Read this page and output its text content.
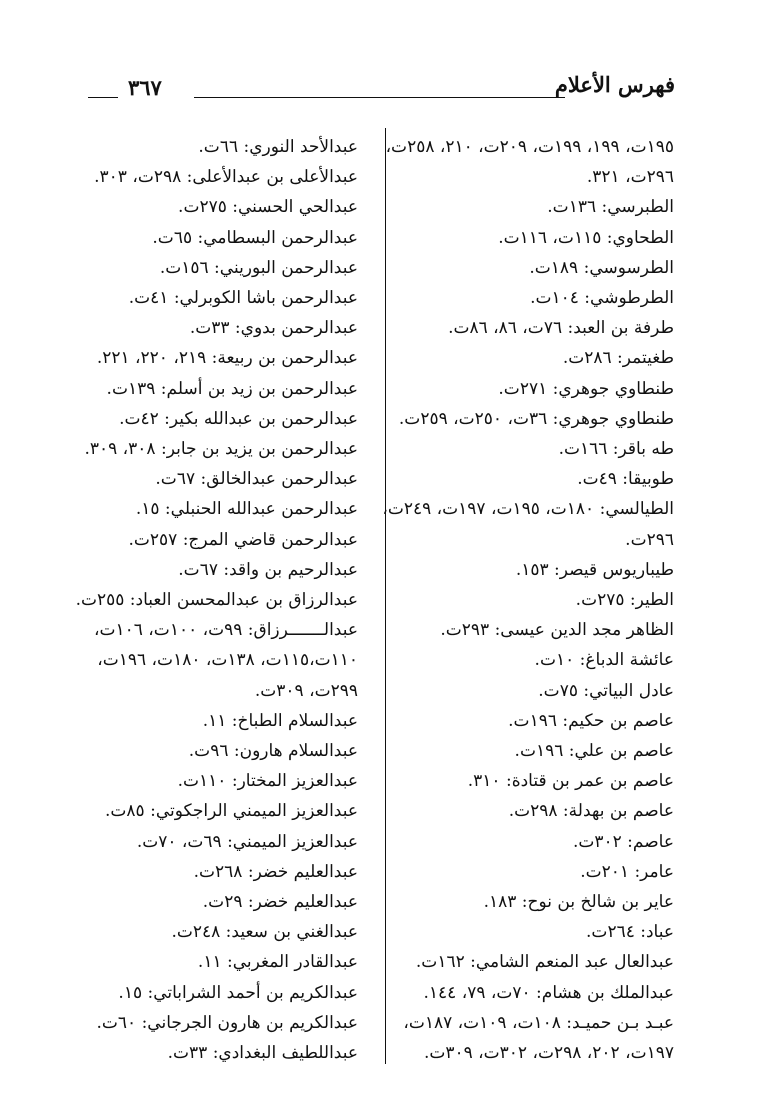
فهرس الأعلام
٣٦٧

١٩٥ت، ١٩٩، ١٩٩ت، ٢٠٩ت، ٢١٠، ٢٥٨ت، ٢٩٦ت، ٣٢١.

الطبرسي: ١٣٦ت.

الطحاوي: ١١٥ت، ١١٦ت.

الطرسوسي: ١٨٩ت.

الطرطوشي: ١٠٤ت.

طرفة بن العبد: ٧٦ت، ٨٦، ٨٦ت.

طغيتمر: ٢٨٦ت.

طنطاوي جوهري: ٢٧١ت.

طنطاوي جوهري: ٣٦ت، ٢٥٠ت، ٢٥٩ت.

طه باقر: ١٦٦ت.

طوبيقا: ٤٩ت.

الطيالسي: ١٨٠ت، ١٩٥ت، ١٩٧ت، ٢٤٩ت، ٢٩٦ت.

طيباريوس قيصر: ١٥٣.

الطير: ٢٧٥ت.

الظاهر مجد الدين عيسى: ٢٩٣ت.

عائشة الدباغ: ١٠ت.

عادل البياتي: ٧٥ت.

عاصم بن حكيم: ١٩٦ت.

عاصم بن علي: ١٩٦ت.

عاصم بن عمر بن قتادة: ٣١٠.

عاصم بن بهدلة: ٢٩٨ت.

عاصم: ٣٠٢ت.

عامر: ٢٠١ت.

عاير بن شالخ بن نوح: ١٨٣.

عباد: ٢٦٤ت.

عبدالعال عبد المنعم الشامي: ١٦٢ت.

عبدالملك بن هشام: ٧٠ت، ٧٩، ١٤٤.

عبـد بـن حميـد: ١٠٨ت، ١٠٩ت، ١٨٧ت، ١٩٧ت، ٢٠٢، ٢٩٨ت، ٣٠٢ت، ٣٠٩ت.

عبدالأحد النوري: ٦٦ت.

عبدالأعلى بن عبدالأعلى: ٢٩٨ت، ٣٠٣.

عبدالحي الحسني: ٢٧٥ت.

عبدالرحمن البسطامي: ٦٥ت.

عبدالرحمن البوريني: ١٥٦ت.

عبدالرحمن باشا الكوبرلي: ٤١ت.

عبدالرحمن بدوي: ٣٣ت.

عبدالرحمن بن ربيعة: ٢١٩، ٢٢٠، ٢٢١.

عبدالرحمن بن زيد بن أسلم: ١٣٩ت.

عبدالرحمن بن عبدالله بكير: ٤٢ت.

عبدالرحمن بن يزيد بن جابر: ٣٠٨، ٣٠٩.

عبدالرحمن عبدالخالق: ٦٧ت.

عبدالرحمن عبدالله الحنبلي: ١٥.

عبدالرحمن قاضي المرج: ٢٥٧ت.

عبدالرحيم بن واقد: ٦٧ت.

عبدالرزاق بن عبدالمحسن العباد: ٢٥٥ت.

عبدالـــــــرزاق: ٩٩ت، ١٠٠ت، ١٠٦ت، ١١٠ت،١١٥ت، ١٣٨ت، ١٨٠ت، ١٩٦ت، ٢٩٩ت، ٣٠٩ت.

عبدالسلام الطباخ: ١١.

عبدالسلام هارون: ٩٦ت.

عبدالعزيز المختار: ١١٠ت.

عبدالعزيز الميمني الراجكوتي: ٨٥ت.

عبدالعزيز الميمني: ٦٩ت، ٧٠ت.

عبدالعليم خضر: ٢٦٨ت.

عبدالعليم خضر: ٢٩ت.

عبدالغني بن سعيد: ٢٤٨ت.

عبدالقادر المغربي: ١١.

عبدالكريم بن أحمد الشراباتي: ١٥.

عبدالكريم بن هارون الجرجاني: ٦٠ت.

عبداللطيف البغدادي: ٣٣ت.
